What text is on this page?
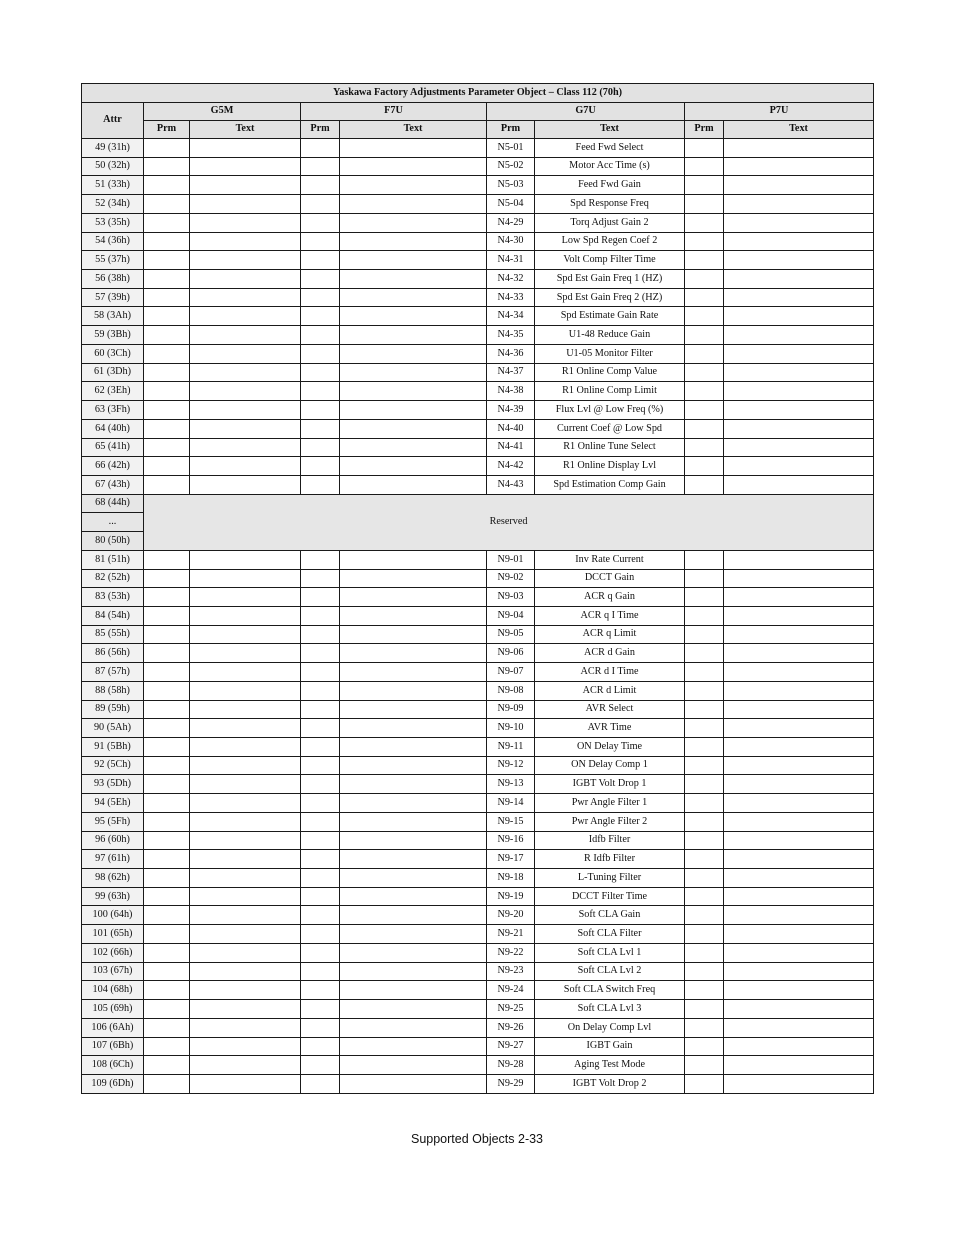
Yaskawa Factory Adjustments Parameter Object – Class 112 (70h)								
Attr	G5M		F7U		G7U		P7U	
	Prm	Text	Prm	Text	Prm	Text	Prm	Text
49 (31h)					N5-01	Feed Fwd Select		
50 (32h)					N5-02	Motor Acc Time (s)		
51 (33h)					N5-03	Feed Fwd Gain		
52 (34h)					N5-04	Spd Response Freq		
53 (35h)					N4-29	Torq Adjust Gain 2		
54 (36h)					N4-30	Low Spd Regen Coef 2		
55 (37h)					N4-31	Volt Comp Filter Time		
56 (38h)					N4-32	Spd Est Gain Freq 1 (HZ)		
57 (39h)					N4-33	Spd Est Gain Freq 2 (HZ)		
58 (3Ah)					N4-34	Spd Estimate Gain Rate		
59 (3Bh)					N4-35	U1-48 Reduce Gain		
60 (3Ch)					N4-36	U1-05 Monitor Filter		
61 (3Dh)					N4-37	R1 Online Comp Value		
62 (3Eh)					N4-38	R1 Online Comp Limit		
63 (3Fh)					N4-39	Flux Lvl @ Low Freq (%)		
64 (40h)					N4-40	Current Coef @ Low Spd		
65 (41h)					N4-41	R1 Online Tune Select		
66 (42h)					N4-42	R1 Online Display Lvl		
67 (43h)					N4-43	Spd Estimation Comp Gain		
68 (44h)	Reserved							
...								
80 (50h)								
81 (51h)					N9-01	Inv Rate Current		
82 (52h)					N9-02	DCCT Gain		
83 (53h)					N9-03	ACR q Gain		
84 (54h)					N9-04	ACR q I Time		
85 (55h)					N9-05	ACR q Limit		
86 (56h)					N9-06	ACR d Gain		
87 (57h)					N9-07	ACR d I Time		
88 (58h)					N9-08	ACR d Limit		
89 (59h)					N9-09	AVR Select		
90 (5Ah)					N9-10	AVR Time		
91 (5Bh)					N9-11	ON Delay Time		
92 (5Ch)					N9-12	ON Delay Comp 1		
93 (5Dh)					N9-13	IGBT Volt Drop 1		
94 (5Eh)					N9-14	Pwr Angle Filter 1		
95 (5Fh)					N9-15	Pwr Angle Filter 2		
96 (60h)					N9-16	Idfb Filter		
97 (61h)					N9-17	R Idfb Filter		
98 (62h)					N9-18	L-Tuning Filter		
99 (63h)					N9-19	DCCT Filter Time		
100 (64h)					N9-20	Soft CLA Gain		
101 (65h)					N9-21	Soft CLA Filter		
102 (66h)					N9-22	Soft CLA Lvl 1		
103 (67h)					N9-23	Soft CLA Lvl 2		
104 (68h)					N9-24	Soft CLA Switch Freq		
105 (69h)					N9-25	Soft CLA Lvl 3		
106 (6Ah)					N9-26	On Delay Comp Lvl		
107 (6Bh)					N9-27	IGBT Gain		
108 (6Ch)					N9-28	Aging Test Mode		
109 (6Dh)					N9-29	IGBT Volt Drop 2		
Supported Objects 2-33
